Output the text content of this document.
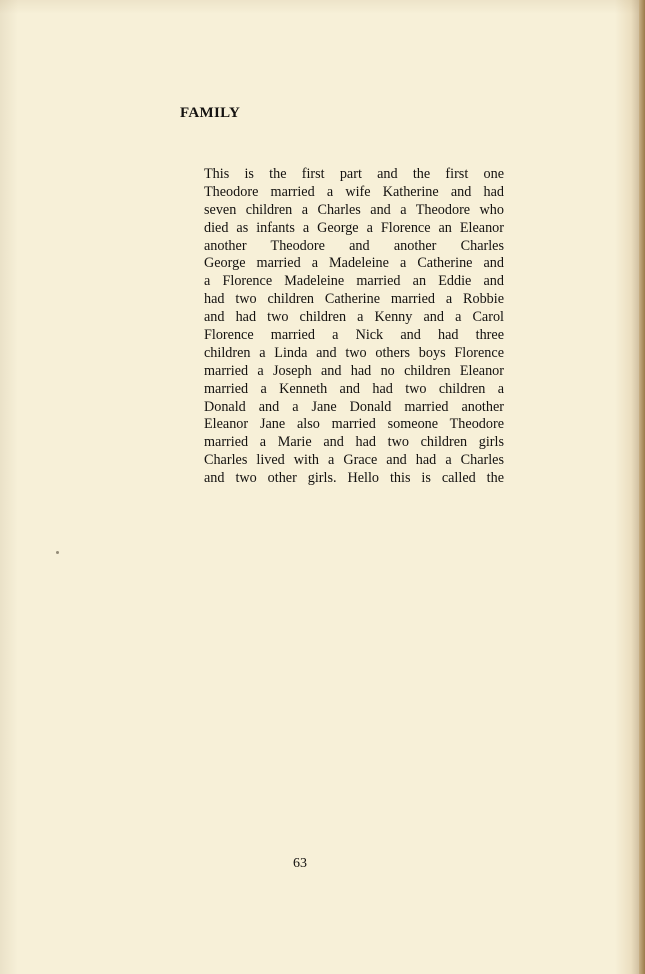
FAMILY
This is the first part and the first one
Theodore married a wife Katherine and had
seven children a Charles and a Theodore who
died as infants a George a Florence an Eleanor
another Theodore and another Charles
George married a Madeleine a Catherine and
a Florence Madeleine married an Eddie and
had two children Catherine married a Robbie
and had two children a Kenny and a Carol
Florence married a Nick and had three
children a Linda and two others boys Florence
married a Joseph and had no children Eleanor
married a Kenneth and had two children a
Donald and a Jane Donald married another
Eleanor Jane also married someone Theodore
married a Marie and had two children girls
Charles lived with a Grace and had a Charles
and two other girls. Hello this is called the

63
